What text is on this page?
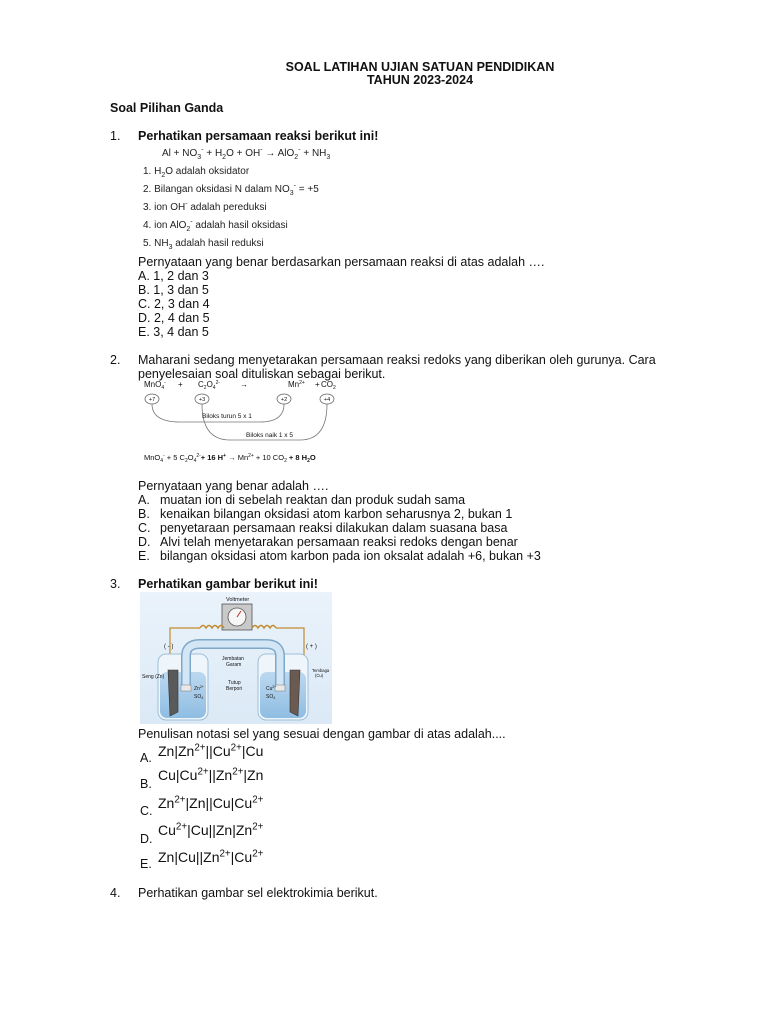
SOAL LATIHAN UJIAN SATUAN PENDIDIKAN
TAHUN 2023-2024
Soal Pilihan Ganda
1. Perhatikan persamaan reaksi berikut ini!
$Al + NO_3^- + H_2O + OH^- \to AlO_2^- + NH_3$
1. $H_2O$ adalah oksidator
2. Bilangan oksidasi N dalam $NO_3^- = +5$
3. ion OH- adalah pereduksi
4. ion AlO$_2$- adalah hasil oksidasi
5. $NH_3$ adalah hasil reduksi
Pernyataan yang benar berdasarkan persamaan reaksi di atas adalah ….
A. 1, 2 dan 3
B. 1, 3 dan 5
C. 2, 3 dan 4
D. 2, 4 dan 5
E. 3, 4 dan 5
2. Maharani sedang menyetarakan persamaan reaksi redoks yang diberikan oleh gurunya. Cara
penyelesaian soal dituliskan sebagai berikut.
$MnO_4^- + C_2O_4^{2-}$ →	$Mn^{2+} + CO_2$
+7	+3	+2	+4
Biloks turun 5 x 1
Biloks naik 1 x 5
MnO$_4$- + 5 $C_2O_4^{2-}+ 16$ $H^+ \to Mn^{2+} + 10$ $CO_2 + 8$ $H_2O$
Pernyataan yang benar adalah ….
A. muatan ion di sebelah reaktan dan produk sudah sama
B. kenaikan bilangan oksidasi atom karbon seharusnya 2, bukan 1
C. penyetaraan persamaan reaksi dilakukan dalam suasana basa
D. Alvi telah menyetarakan persamaan reaksi redoks dengan benar
E. bilangan oksidasi atom karbon pada ion oksalat adalah +6, bukan +3
3. Perhatikan gambar berikut ini!
Voltmeter
( - )	( + )
Jembatan
Garam
Tutup
Berpori
Seng (Zn)
Tembaga
(Cu)
$Zn^{2+}$
$SO_4$
$Cu^{2+}$
$SO_4$
Penulisan notasi sel yang sesuai dengan gambar di atas adalah....
A. $Zn|Zn^{2+}||Cu^{2+}|Cu$
B.
$Cu|Cu^{2+}||Zn^{2+}|Zn$
C. $Zn^{2+}|Zn||Cu|Cu^{2+}$
D.
$Cu^{2+}|Cu||Zn|Zn^{2+}$
E. $Zn|Cu||Zn^{2+}|Cu^{2+}$
4. Perhatikan gambar sel elektrokimia berikut.
